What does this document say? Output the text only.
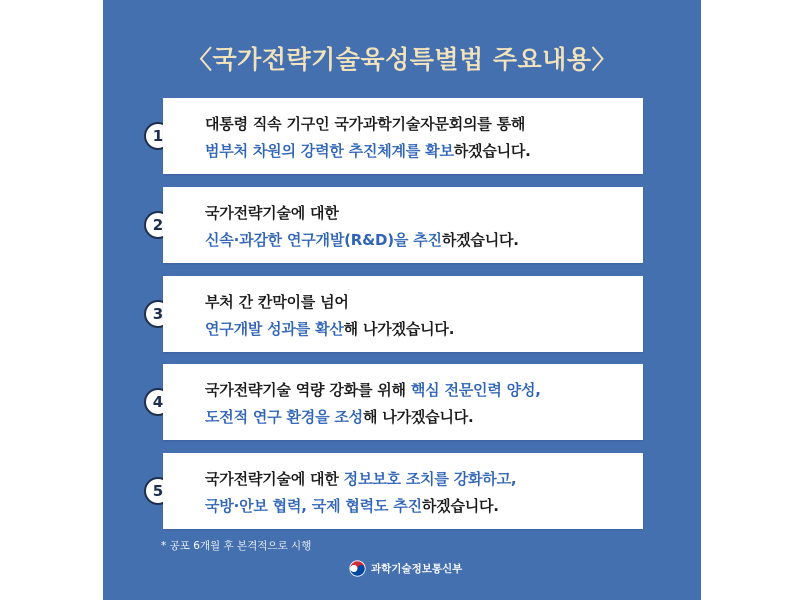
〈국가전략기술육성특별법 주요내용〉
1
대통령 직속 기구인 국가과학기술자문회의를 통해
범부처 차원의 강력한 추진체계를 확보하겠습니다.
2
국가전략기술에 대한
신속·과감한 연구개발(R&D)을 추진하겠습니다.
3
부처 간 칸막이를 넘어
연구개발 성과를 확산해 나가겠습니다.
4
국가전략기술 역량 강화를 위해 핵심 전문인력 양성,
도전적 연구 환경을 조성해 나가겠습니다.
5
국가전략기술에 대한 정보보호 조치를 강화하고,
국방·안보 협력, 국제 협력도 추진하겠습니다.
* 공포 6개월 후 본격적으로 시행
과학기술정보통신부
